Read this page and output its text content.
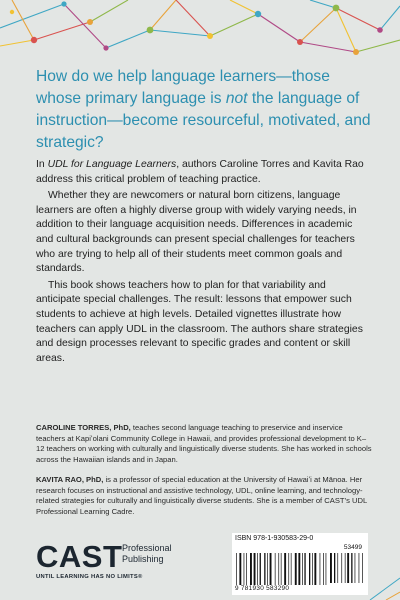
How do we help language learners—those whose primary language is not the language of instruction—become resourceful, motivated, and strategic?

In UDL for Language Learners, authors Caroline Torres and Kavita Rao address this critical problem of teaching practice.

Whether they are newcomers or natural born citizens, language learners are often a highly diverse group with widely varying needs, in addition to their language acquisition needs. Differences in academic and cultural backgrounds can present special challenges for teachers who are trying to help all of their students meet common goals and standards.

This book shows teachers how to plan for that variability and anticipate special challenges. The result: lessons that empower such students to achieve at high levels. Detailed vignettes illustrate how teachers can apply UDL in the classroom. The authors share strategies and design processes relevant to specific grades and content or skill areas.

CAROLINE TORRES, PhD, teaches second language teaching to preservice and inservice teachers at Kapiʻolani Community College in Hawaii, and provides professional development to K–12 teachers on working with culturally and linguistically diverse students. She has worked in schools across the Hawaiian islands and in Japan.

KAVITA RAO, PhD, is a professor of special education at the University of Hawaiʻi at Mānoa. Her research focuses on instructional and assistive technology, UDL, online learning, and technology-related strategies for culturally and linguistically diverse students. She is a member of CAST’s UDL Professional Learning Cadre.

CAST Professional
Publishing
UNTIL LEARNING HAS NO LIMITS®
ISBN 978-1-930583-29-0
53499
9 781930 583290
